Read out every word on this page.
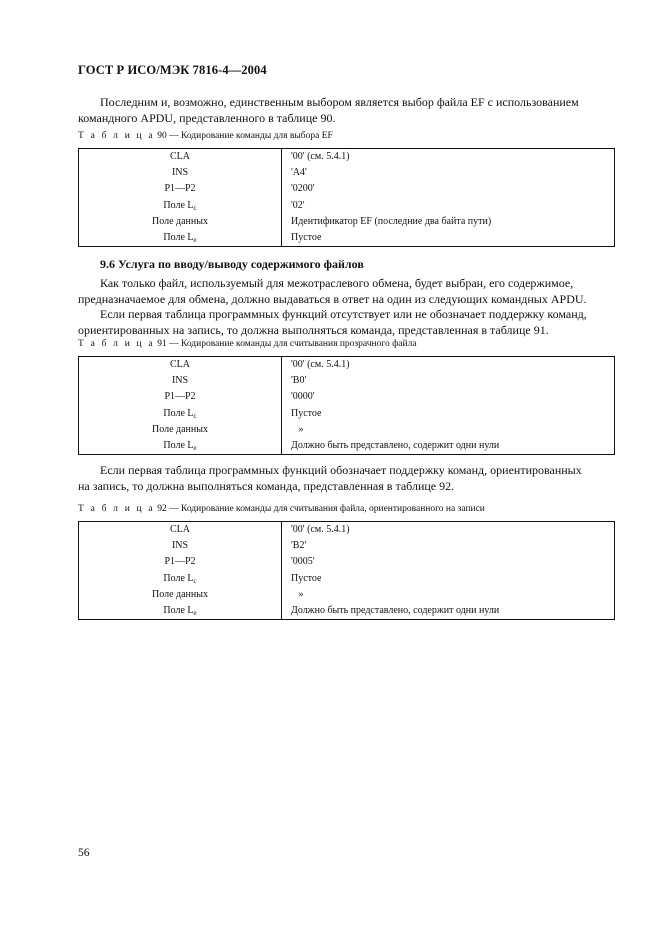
ГОСТ Р ИСО/МЭК 7816-4—2004

Последним и, возможно, единственным выбором является выбор файла EF с использованием
командного APDU, представленного в таблице 90.

Т а б л и ц а 90 — Кодирование команды для выбора EF
CLA	'00' (см. 5.4.1)
INS	'A4'
P1—P2	'0200'
Поле $L_c$	'02'
Поле данных	Идентификатор EF (последние два байта пути)
Поле $L_e$	Пустое
9.6 Услуга по вводу/выводу содержимого файлов

Как только файл, используемый для межотраслевого обмена, будет выбран, его содержимое,
предназначаемое для обмена, должно выдаваться в ответ на один из следующих командных APDU.
Если первая таблица программных функций отсутствует или не обозначает поддержку команд,
ориентированных на запись, то должна выполняться команда, представленная в таблице 91.

Т а б л и ц а 91 — Кодирование команды для считывания прозрачного файла
CLA	'00' (см. 5.4.1)
INS	'B0'
P1—P2	'0000'
Поле $L_c$	Пустое
Поле данных	»
Поле $L_e$	Должно быть представлено, содержит одни нули

Если первая таблица программных функций обозначает поддержку команд, ориентированных
на запись, то должна выполняться команда, представленная в таблице 92.

Т а б л и ц а 92 — Кодирование команды для считывания файла, ориентированного на записи
CLA	'00' (см. 5.4.1)
INS	'B2'
P1—P2	'0005'
Поле $L_c$	Пустое
Поле данных	»
Поле $L_e$	Должно быть представлено, содержит одни нули
56
